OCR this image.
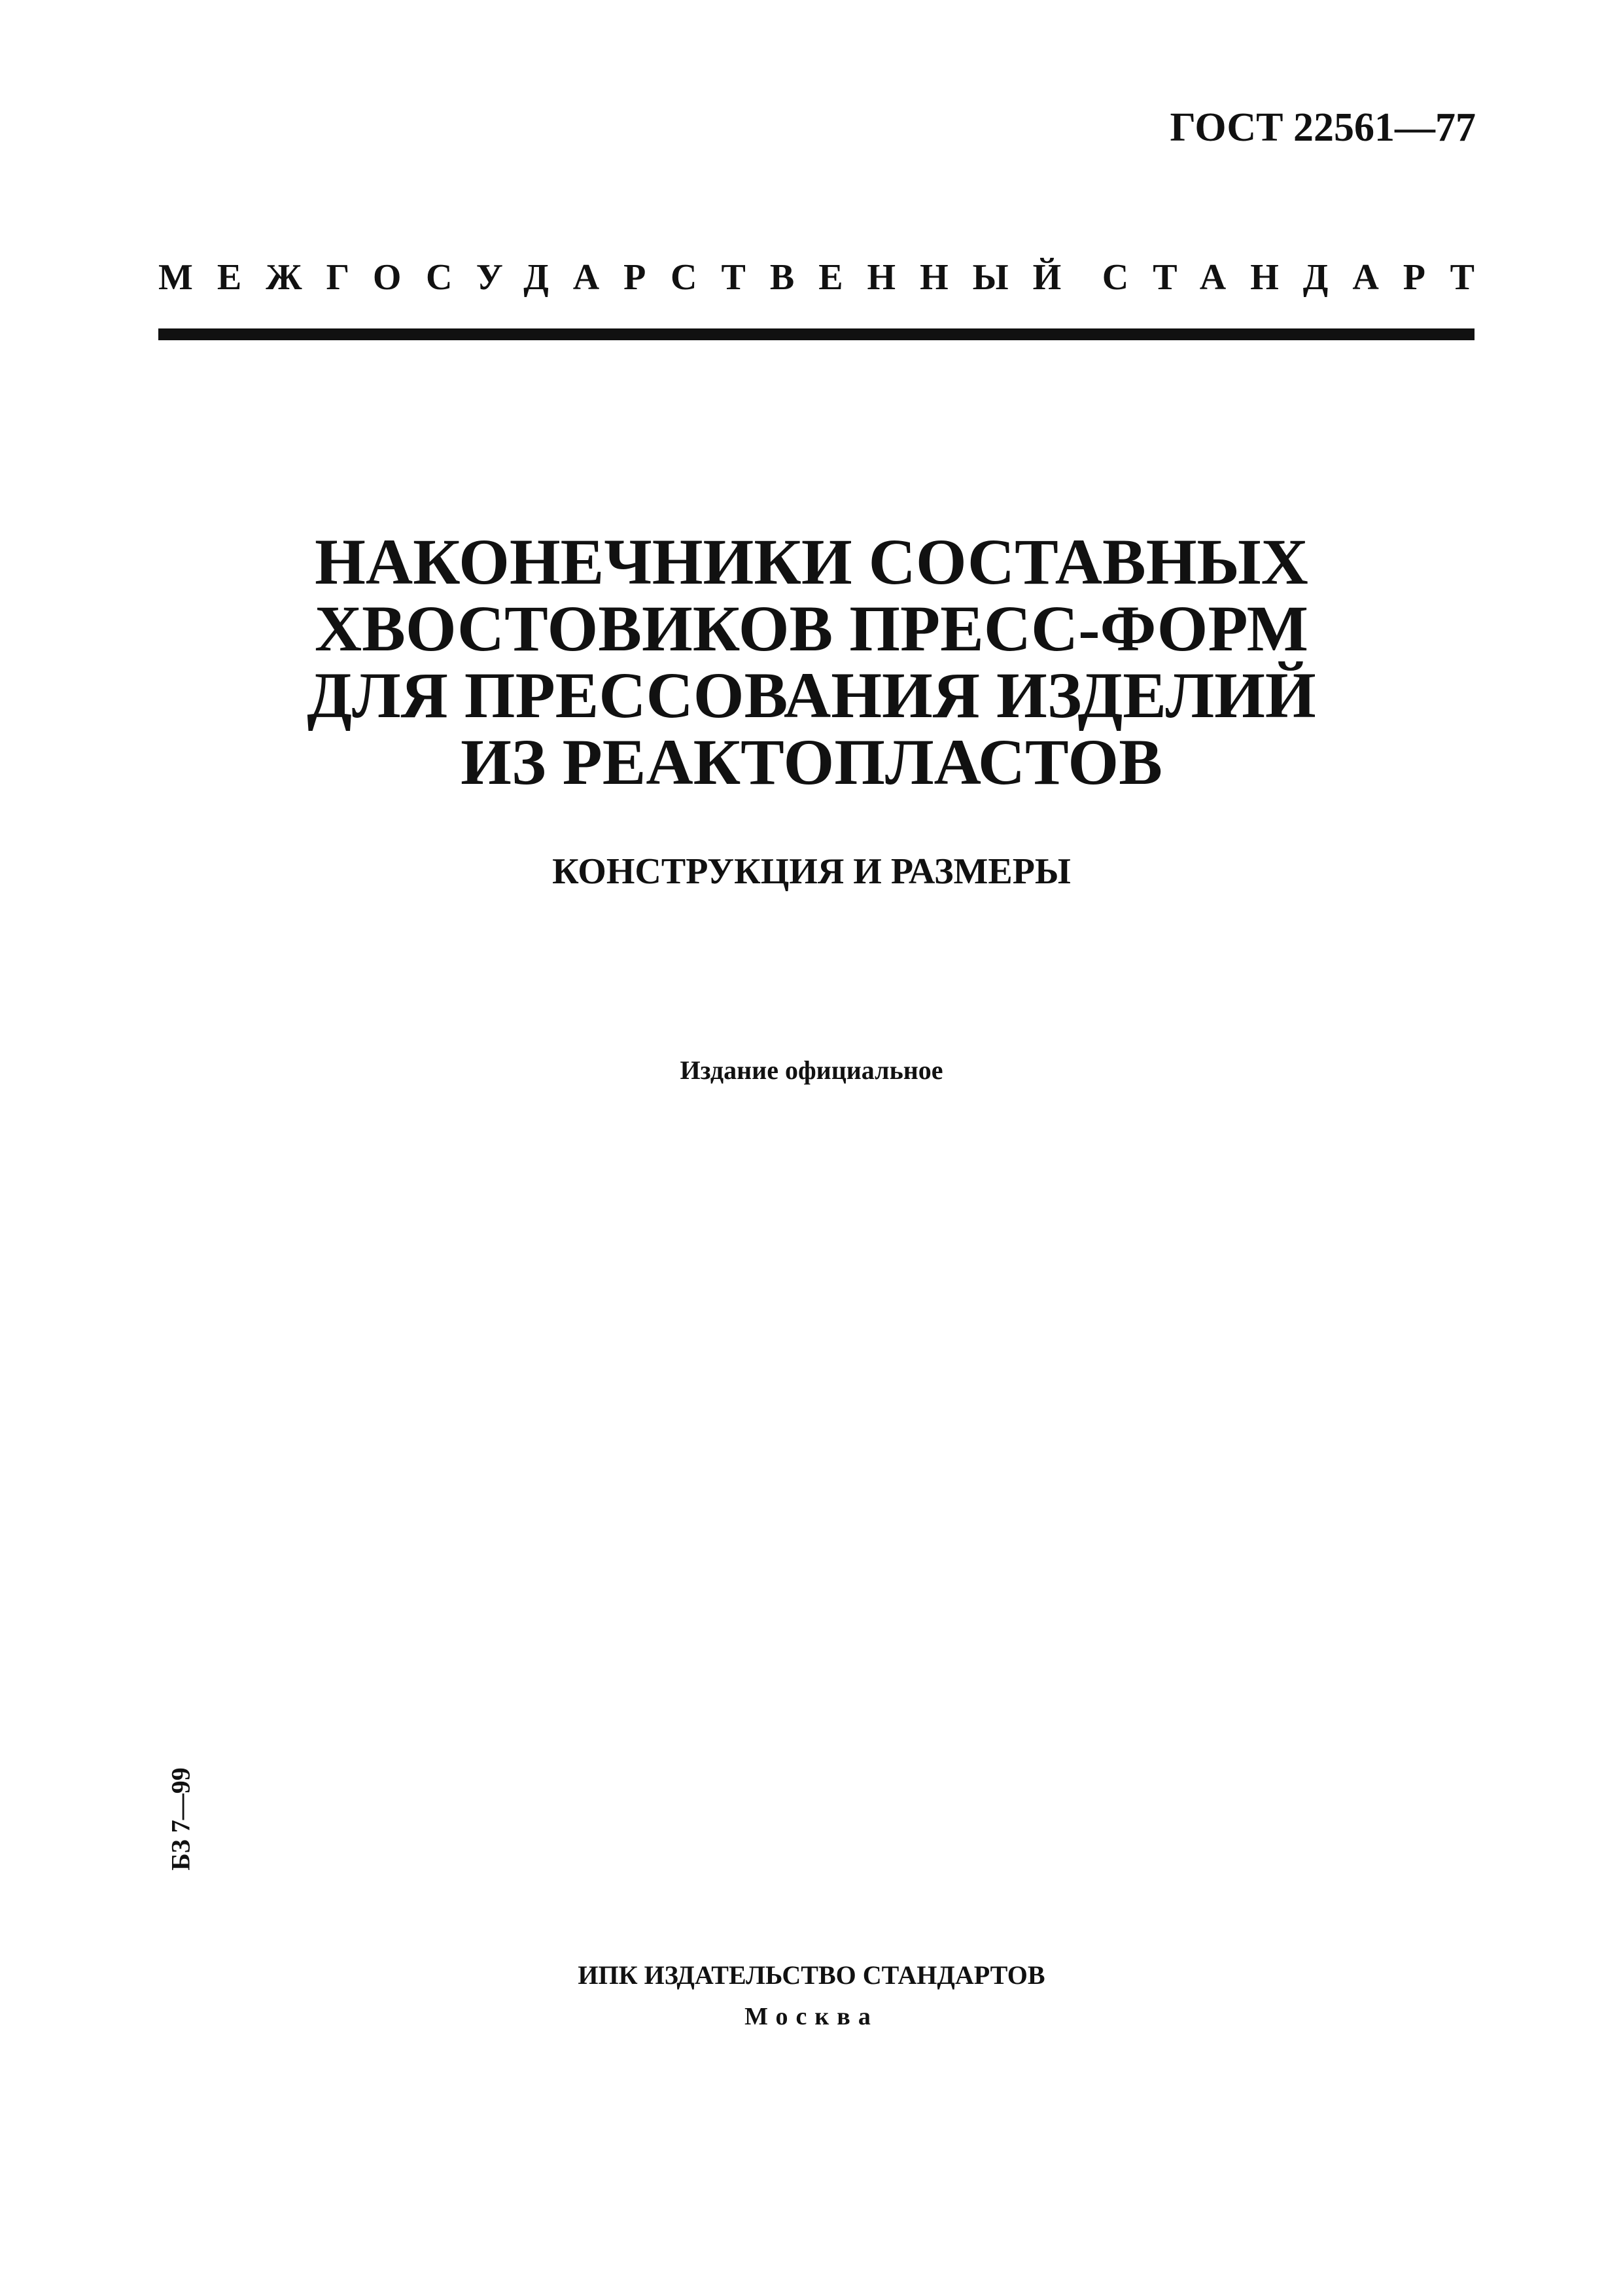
ГОСТ 22561—77
МЕЖГОСУДАРСТВЕННЫЙ СТАНДАРТ
НАКОНЕЧНИКИ СОСТАВНЫХ
ХВОСТОВИКОВ ПРЕСС-ФОРМ
ДЛЯ ПРЕССОВАНИЯ ИЗДЕЛИЙ
ИЗ РЕАКТОПЛАСТОВ
КОНСТРУКЦИЯ И РАЗМЕРЫ
Издание официальное
БЗ 7—99
ИПК ИЗДАТЕЛЬСТВО СТАНДАРТОВ
Москва
